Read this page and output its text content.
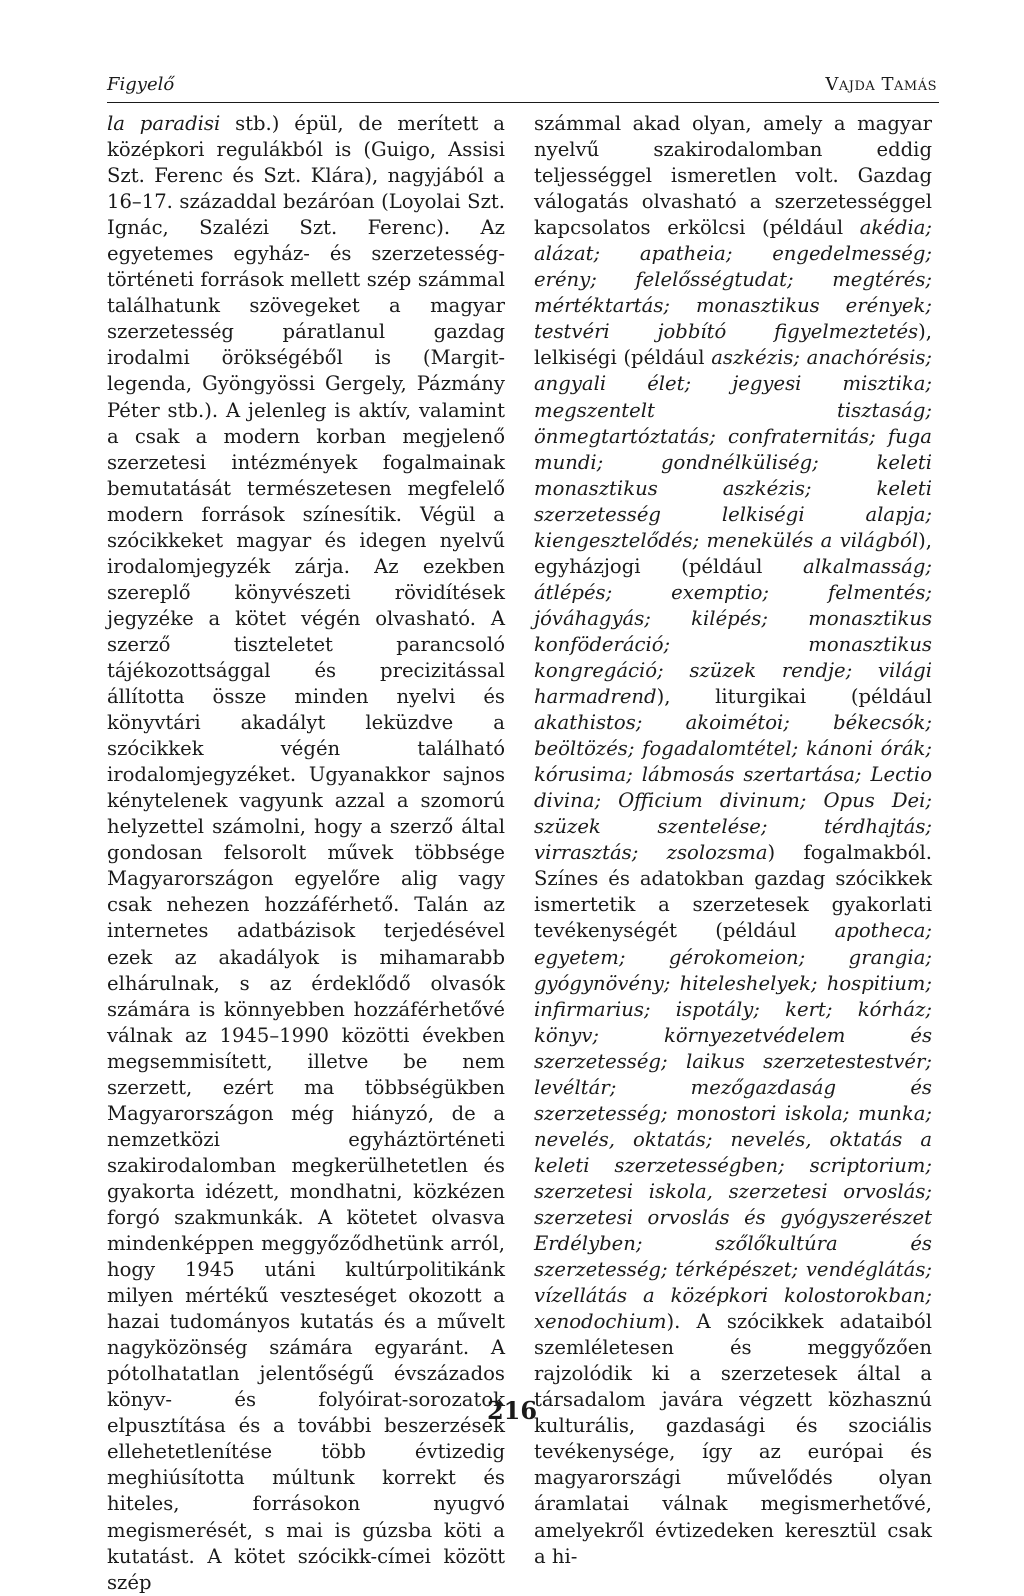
Figyelő	Vajda Tamás

la paradisi stb.) épül, de merített a középkori regulákból is (Guigo, Assisi Szt. Ferenc és Szt. Klára), nagyjából a 16–17. századdal bezáróan (Loyolai Szt. Ignác, Szalézi Szt. Ferenc). Az egyetemes egyház- és szerzetesség-történeti források mellett szép számmal találhatunk szövegeket a magyar szerzetesség páratlanul gazdag irodalmi örökségéből is (Margit-legenda, Gyöngyössi Gergely, Pázmány Péter stb.). A jelenleg is aktív, valamint a csak a modern korban megjelenő szerzetesi intézmények fogalmainak bemutatását természetesen megfelelő modern források színesítik. Végül a szócikkeket magyar és idegen nyelvű irodalomjegyzék zárja. Az ezekben szereplő könyvészeti rövidítések jegyzéke a kötet végén olvasható. A szerző tiszteletet parancsoló tájékozottsággal és precizitással állította össze minden nyelvi és könyvtári akadályt leküzdve a szócikkek végén található irodalomjegyzéket. Ugyanakkor sajnos kénytelenek vagyunk azzal a szomorú helyzettel számolni, hogy a szerző által gondosan felsorolt művek többsége Magyarországon egyelőre alig vagy csak nehezen hozzáférhető. Talán az internetes adatbázisok terjedésével ezek az akadályok is mihamarabb elhárulnak, s az érdeklődő olvasók számára is könnyebben hozzáférhetővé válnak az 1945–1990 közötti években megsemmisített, illetve be nem szerzett, ezért ma többségükben Magyarországon még hiányzó, de a nemzetközi egyháztörténeti szakirodalomban megkerülhetetlen és gyakorta idézett, mondhatni, közkézen forgó szakmunkák. A kötetet olvasva mindenképpen meggyőződhetünk arról, hogy 1945 utáni kultúrpolitikánk milyen mértékű veszteséget okozott a hazai tudományos kutatás és a művelt nagyközönség számára egyaránt. A pótolhatatlan jelentőségű évszázados könyv- és folyóirat-sorozatok elpusztítása és a további beszerzések ellehetetlenítése több évtizedig meghiúsította múltunk korrekt és hiteles, forrásokon nyugvó megismerését, s mai is gúzsba köti a kutatást. A kötet szócikk-címei között szép

számmal akad olyan, amely a magyar nyelvű szakirodalomban eddig teljességgel ismeretlen volt. Gazdag válogatás olvasható a szerzetességgel kapcsolatos erkölcsi (például akédia; alázat; apatheia; engedelmesség; erény; felelősségtudat; megtérés; mértéktartás; monasztikus erények; testvéri jobbító figyelmeztetés), lelkiségi (például aszkézis; anachórésis; angyali élet; jegyesi misztika; megszentelt tisztaság; önmegtartóztatás; confraternitás; fuga mundi; gondnélküliség; keleti monasztikus aszkézis; keleti szerzetesség lelkiségi alapja; kiengesztelődés; menekülés a világból), egyházjogi (például alkalmasság; átlépés; exemptio; felmentés; jóváhagyás; kilépés; monasztikus konföderáció; monasztikus kongregáció; szüzek rendje; világi harmadrend), liturgikai (például akathistos; akoimétoi; békecsók; beöltözés; fogadalomtétel; kánoni órák; kórusima; lábmosás szertartása; Lectio divina; Officium divinum; Opus Dei; szüzek szentelése; térdhajtás; virrasztás; zsolozsma) fogalmakból. Színes és adatokban gazdag szócikkek ismertetik a szerzetesek gyakorlati tevékenységét (például apotheca; egyetem; gérokomeion; grangia; gyógynövény; hiteleshelyek; hospitium; infirmarius; ispotály; kert; kórház; könyv; környezetvédelem és szerzetesség; laikus szerzetestestvér; levéltár; mezőgazdaság és szerzetesség; monostori iskola; munka; nevelés, oktatás; nevelés, oktatás a keleti szerzetességben; scriptorium; szerzetesi iskola, szerzetesi orvoslás; szerzetesi orvoslás és gyógyszerészet Erdélyben; szőlőkultúra és szerzetesség; térképészet; vendéglátás; vízellátás a középkori kolostorokban; xenodochium). A szócikkek adataiból szemléletesen és meggyőzően rajzolódik ki a szerzetesek által a társadalom javára végzett közhasznú kulturális, gazdasági és szociális tevékenysége, így az európai és magyarországi művelődés olyan áramlatai válnak megismerhetővé, amelyekről évtizedeken keresztül csak a hi-

216
